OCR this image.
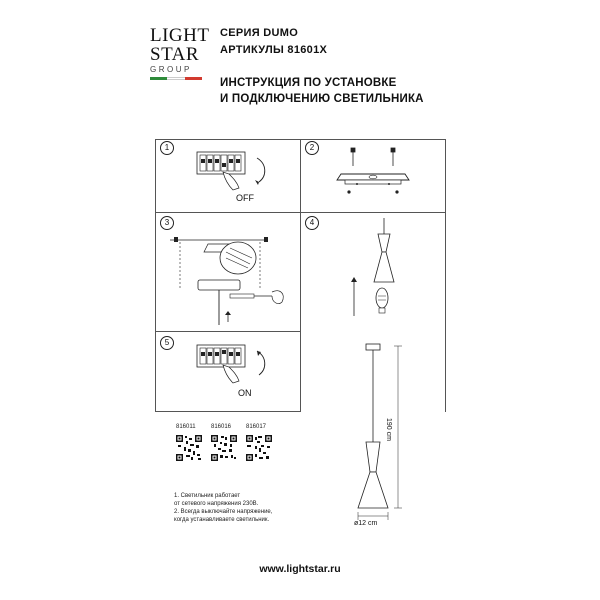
LIGHT
STAR
GROUP
СЕРИЯ DUMO
АРТИКУЛЫ 81601X
ИНСТРУКЦИЯ ПО УСТАНОВКЕ
И ПОДКЛЮЧЕНИЮ СВЕТИЛЬНИКА
1	2
3	4
5
OFF
ON
190 cm
ø12 cm
816011	816016 816017
1. Светильник работает
от сетевого напряжения 230В.
2. Всегда выключайте напряжение,
когда устанавливаете светильник.
www.lightstar.ru
